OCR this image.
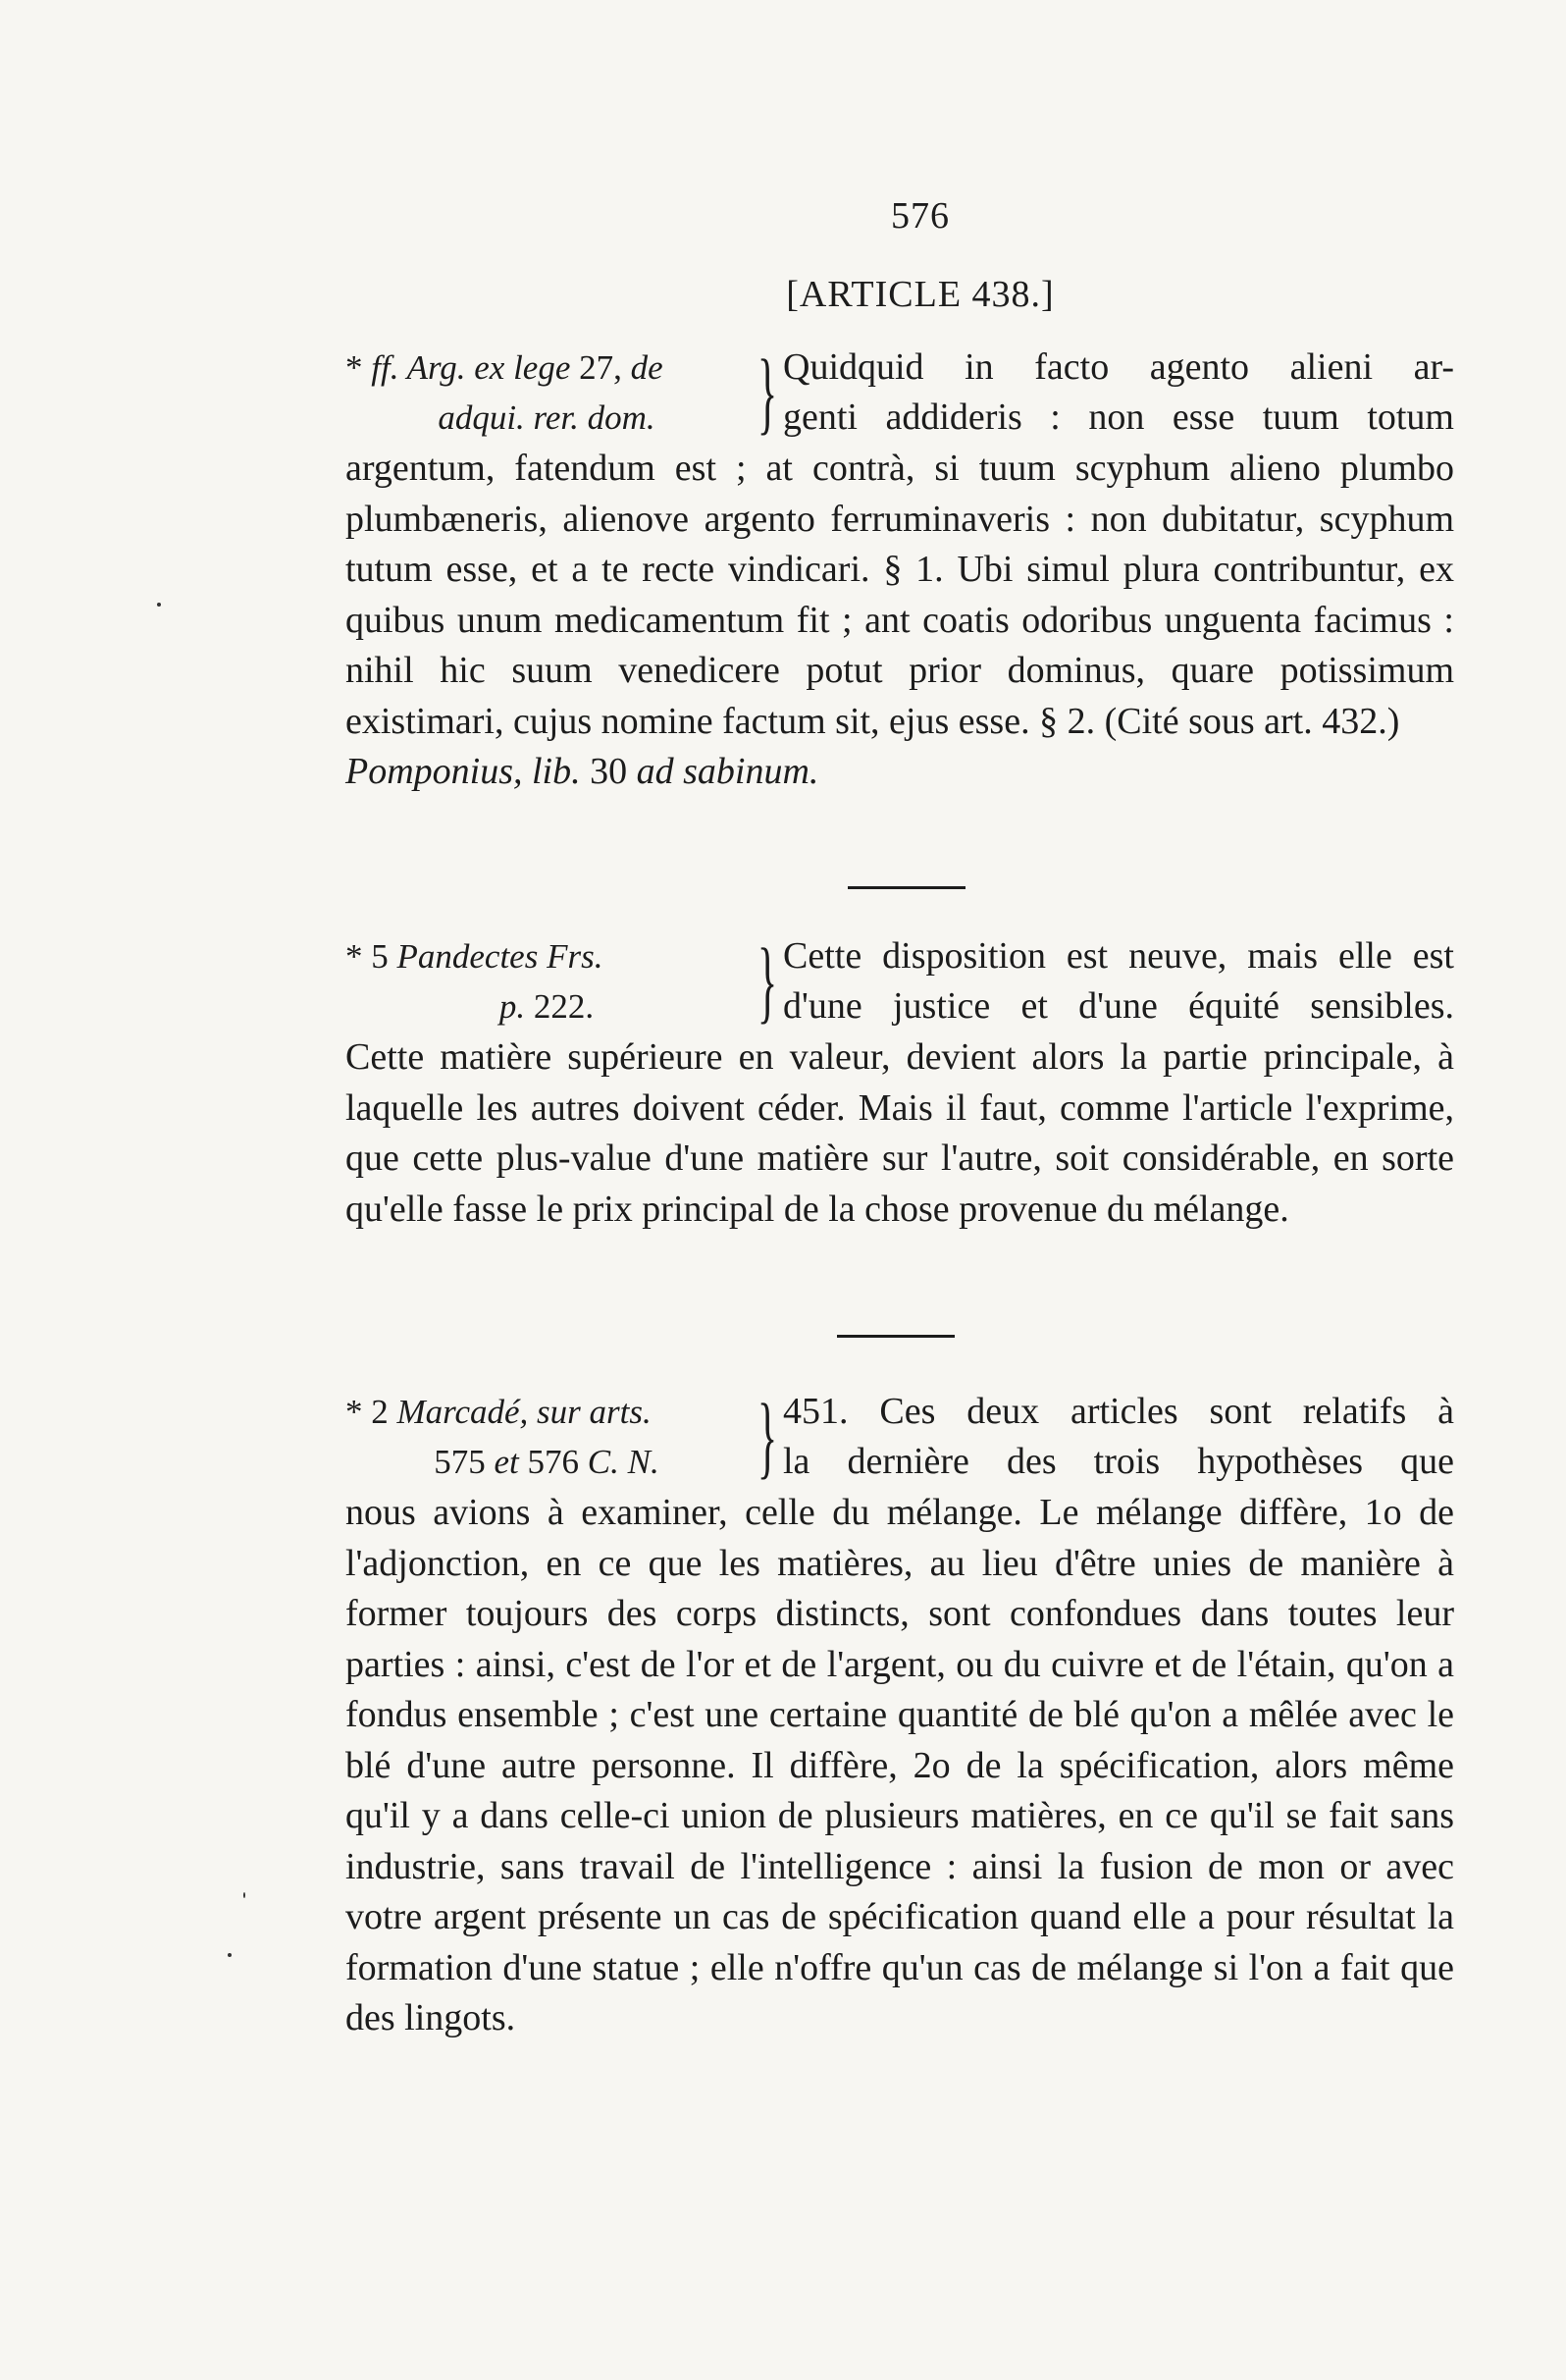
576
[ARTICLE 438.]
* ff. Arg. ex lege 27, de
adqui. rer. dom.	} Quidquid in facto agento alieni ar-
genti addideris : non esse tuum totum

argentum, fatendum est ; at contrà, si tuum scyphum alieno plumbo plumbæneris, alienove argento ferruminaveris : non dubitatur, scyphum tutum esse, et a te recte vindicari. § 1. Ubi simul plura contribuntur, ex quibus unum medicamentum fit ; ant coatis odoribus unguenta facimus : nihil hic suum venedicere potut prior dominus, quare potissimum existimari, cujus nomine factum sit, ejus esse. § 2. (Cité sous art. 432.)
Pomponius, lib. 30 ad sabinum.

* 5 Pandectes Frs.
p. 222.	} Cette disposition est neuve, mais elle est
d'une justice et d'une équité sensibles.

Cette matière supérieure en valeur, devient alors la partie principale, à laquelle les autres doivent céder. Mais il faut, comme l'article l'exprime, que cette plus-value d'une matière sur l'autre, soit considérable, en sorte qu'elle fasse le prix principal de la chose provenue du mélange.

* 2 Marcadé, sur arts.
575 et 576 C. N.	} 451. Ces deux articles sont relatifs à
la dernière des trois hypothèses que

nous avions à examiner, celle du mélange. Le mélange diffère, 1o de l'adjonction, en ce que les matières, au lieu d'être unies de manière à former toujours des corps distincts, sont confondues dans toutes leur parties : ainsi, c'est de l'or et de l'argent, ou du cuivre et de l'étain, qu'on a fondus ensemble ; c'est une certaine quantité de blé qu'on a mêlée avec le blé d'une autre personne. Il diffère, 2o de la spécification, alors même qu'il y a dans celle-ci union de plusieurs matières, en ce qu'il se fait sans industrie, sans travail de l'intelligence : ainsi la fusion de mon or avec votre argent présente un cas de spécification quand elle a pour résultat la formation d'une statue ; elle n'offre qu'un cas de mélange si l'on a fait que des lingots.
